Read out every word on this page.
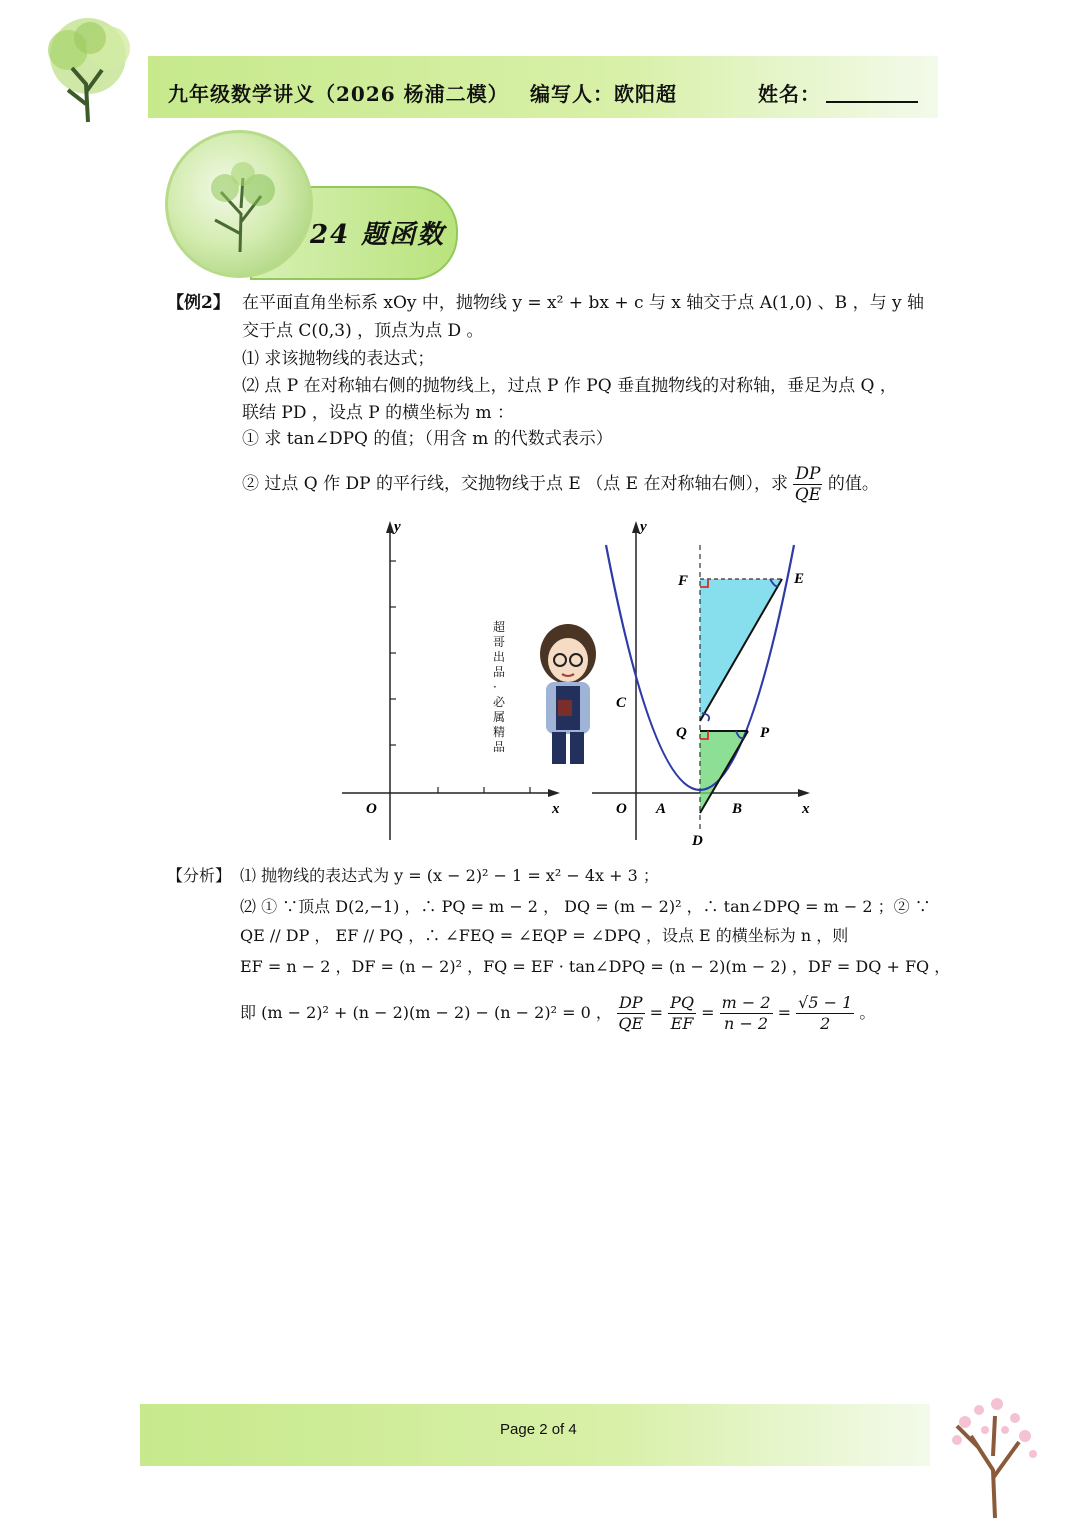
九年级数学讲义（2026 杨浦二模） 编写人：欧阳超	姓名：
24 题函数
【例2】 在平面直角坐标系 xOy 中，抛物线 y = x² + bx + c 与 x 轴交于点 A(1,0) 、B ，与 y 轴
交于点 C(0,3) ，顶点为点 D 。
⑴ 求该抛物线的表达式；
⑵ 点 P 在对称轴右侧的抛物线上，过点 P 作 PQ 垂直抛物线的对称轴，垂足为点 Q ，
联结 PD ，设点 P 的横坐标为 m ：
① 求 tan∠DPQ 的值；（用含 m 的代数式表示）
② 过点 Q 作 DP 的平行线，交抛物线于点 E （点 E 在对称轴右侧），求 $\frac{DP}{QE}$ 的值。
y
x
O
y
x
O A	B
C
D
E
F
P
Q
超哥出品 · 必属精品
【分析】 ⑴ 抛物线的表达式为 y = (x − 2)² − 1 = x² − 4x + 3 ；
⑵ ① ∵顶点 D(2,−1) ，∴ PQ = m − 2 ， DQ = (m − 2)² ，∴ tan∠DPQ = m − 2 ；② ∵
QE // DP ， EF // PQ ，∴ ∠FEQ = ∠EQP = ∠DPQ ，设点 E 的横坐标为 n ，则
EF = n − 2 ，DF = (n − 2)² ，FQ = EF · tan∠DPQ = (n − 2)(m − 2) ，DF = DQ + FQ ，
即 (m − 2)² + (n − 2)(m − 2) − (n − 2)² = 0 ， $\frac{DP}{QE} = \frac{PQ}{EF} = \frac{m - 2}{n - 2} = \frac{√5 - 1}{2}$ 。
Page 2 of 4
